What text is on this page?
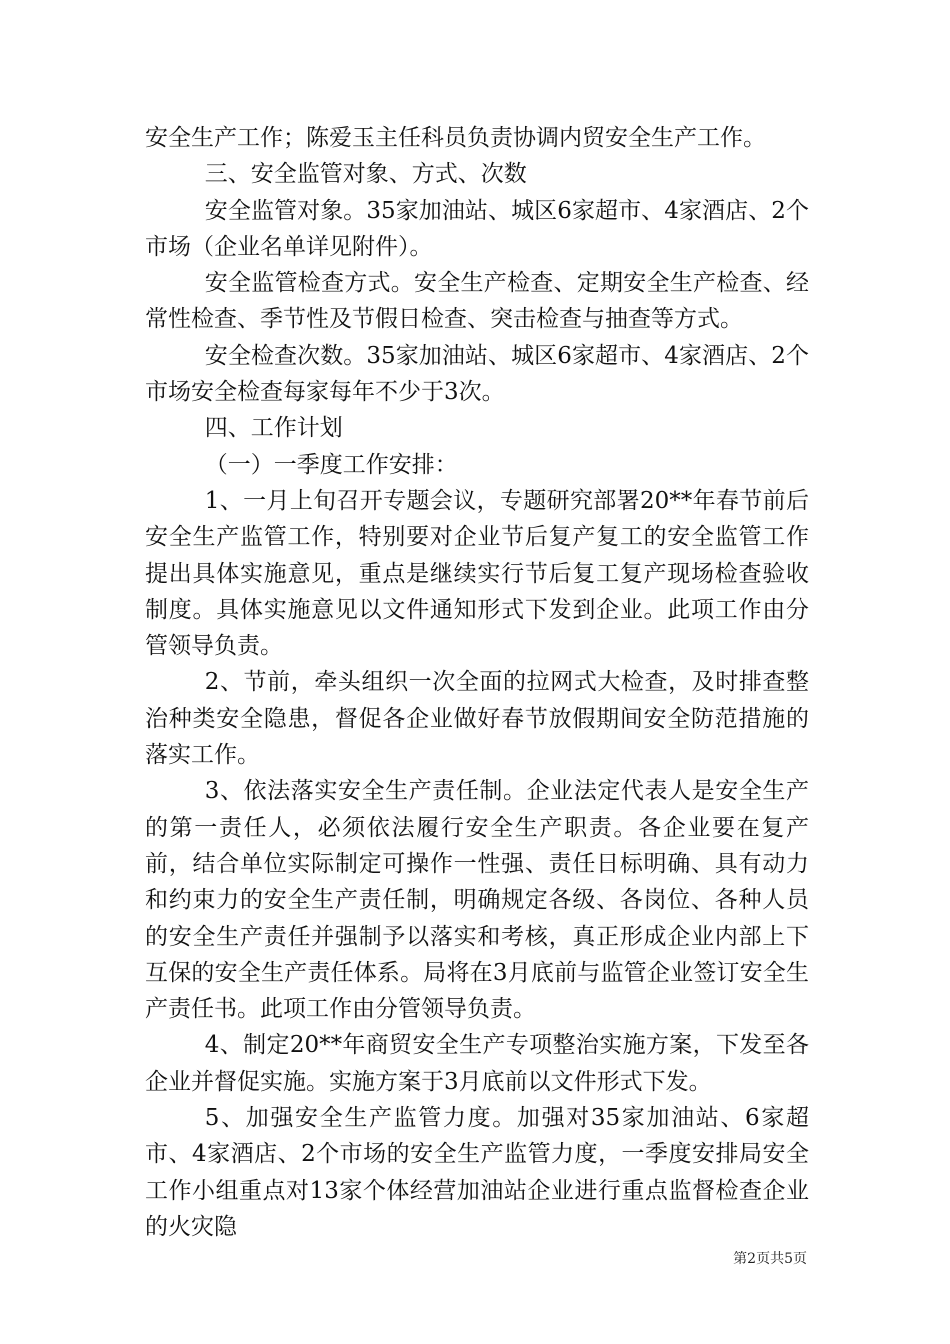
安全生产工作；陈爱玉主任科员负责协调内贸安全生产工作。

三、安全监管对象、方式、次数

安全监管对象。35家加油站、城区6家超市、4家酒店、2个市场（企业名单详见附件）。

安全监管检查方式。安全生产检查、定期安全生产检查、经常性检查、季节性及节假日检查、突击检查与抽查等方式。

安全检查次数。35家加油站、城区6家超市、4家酒店、2个市场安全检查每家每年不少于3次。

四、工作计划

（一）一季度工作安排：

1、一月上旬召开专题会议，专题研究部署20**年春节前后安全生产监管工作，特别要对企业节后复产复工的安全监管工作提出具体实施意见，重点是继续实行节后复工复产现场检查验收制度。具体实施意见以文件通知形式下发到企业。此项工作由分管领导负责。

2、节前，牵头组织一次全面的拉网式大检查，及时排查整治种类安全隐患，督促各企业做好春节放假期间安全防范措施的落实工作。

3、依法落实安全生产责任制。企业法定代表人是安全生产的第一责任人，必须依法履行安全生产职责。各企业要在复产前，结合单位实际制定可操作一性强、责任日标明确、具有动力和约束力的安全生产责任制，明确规定各级、各岗位、各种人员的安全生产责任并强制予以落实和考核，真正形成企业内部上下互保的安全生产责任体系。局将在3月底前与监管企业签订安全生产责任书。此项工作由分管领导负责。

4、制定20**年商贸安全生产专项整治实施方案，下发至各企业并督促实施。实施方案于3月底前以文件形式下发。

5、加强安全生产监管力度。加强对35家加油站、6家超市、4家酒店、2个市场的安全生产监管力度，一季度安排局安全工作小组重点对13家个体经营加油站企业进行重点监督检查企业的火灾隐

第2页共5页
